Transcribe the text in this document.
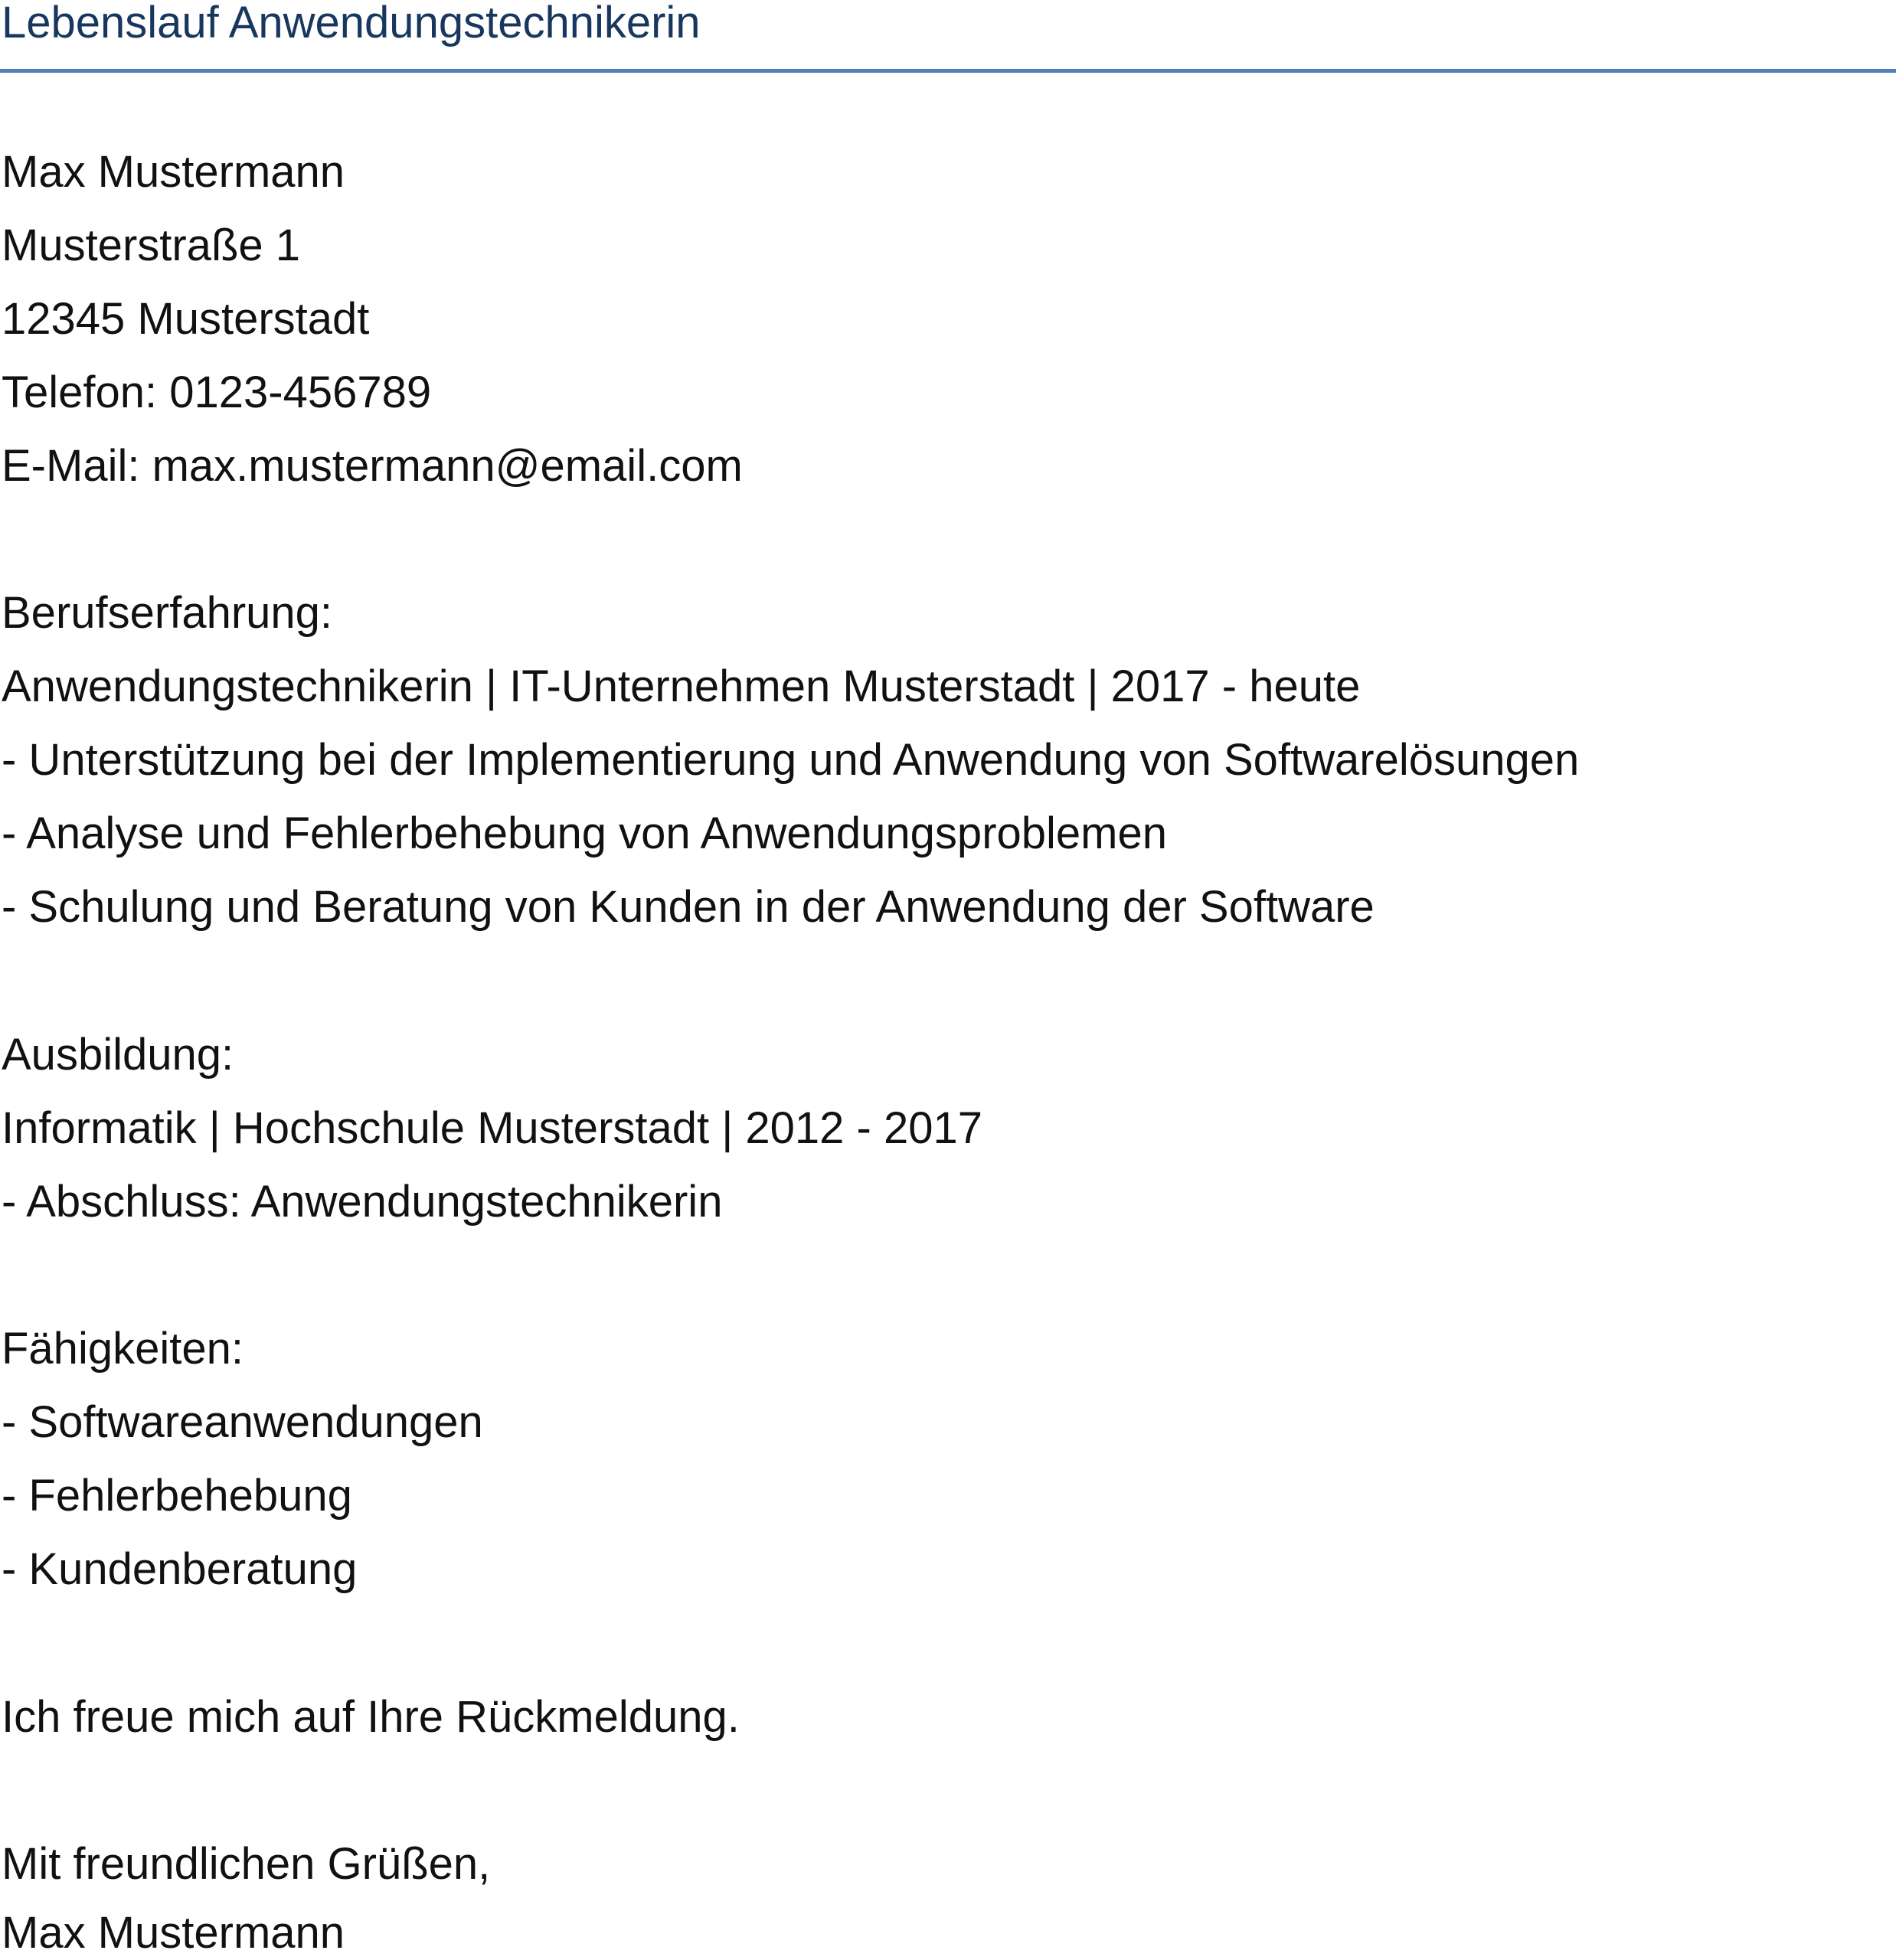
Lebenslauf Anwendungstechnikerin
Max Mustermann
Musterstraße 1
12345 Musterstadt
Telefon: 0123-456789
E-Mail: max.mustermann@email.com
Berufserfahrung:
Anwendungstechnikerin | IT-Unternehmen Musterstadt | 2017 - heute
- Unterstützung bei der Implementierung und Anwendung von Softwarelösungen
- Analyse und Fehlerbehebung von Anwendungsproblemen
- Schulung und Beratung von Kunden in der Anwendung der Software
Ausbildung:
Informatik | Hochschule Musterstadt | 2012 - 2017
- Abschluss: Anwendungstechnikerin
Fähigkeiten:
- Softwareanwendungen
- Fehlerbehebung
- Kundenberatung
Ich freue mich auf Ihre Rückmeldung.
Mit freundlichen Grüßen,
Max Mustermann
